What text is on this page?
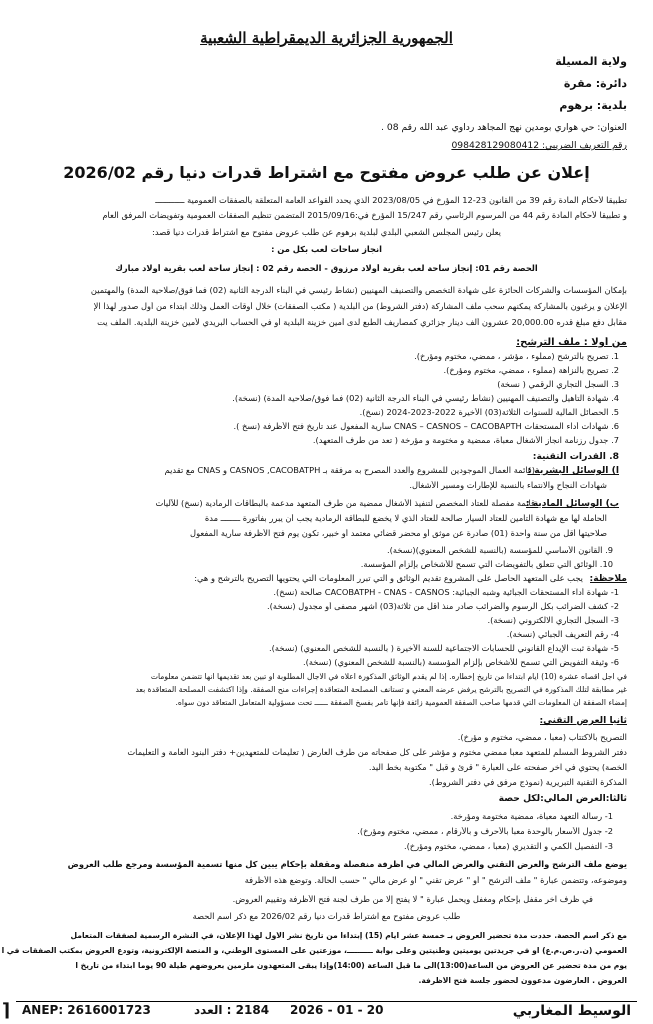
الجمهورية الجزائرية الديمقراطية الشعبية
ولاية المسيلة
دائرة: مقرة
بلدية: برهوم
العنوان: حي هواري بومدين نهج المجاهد رداوي عبد الله رقم 08 .
رقم التعريف الضريبي: 098428129080412
إعلان عن طلب عروض مفتوح مع اشتراط قدرات دنيا رقم 2026/02
تطبيقا لأحكام المادة رقم 39 من القانون 23-12 المؤرخ في 2023/08/05 الذي يحدد القواعد العامة المتعلقة بالصفقات العمومية ــــــــــــ
و تطبيقا لأحكام المادة رقم 44 من المرسوم الرئاسي رقم 15/247 المؤرخ في:2015/09/16 المتضمن تنظيم الصفقات العمومية وتفويضات المرفق العام
يعلن رئيس المجلس الشعبي البلدي لبلدية برهوم عن طلب عروض مفتوح مع اشتراط قدرات دنيا قصد:
انجاز ساحات لعب بكل من :
الحصة رقم 01: إنجاز ساحة لعب بقرية أولاد مرزوق - الحصة رقم 02 : إنجاز ساحة لعب بقرية أولاد مبارك
بإمكان المؤسسات والشركات الحائزة على شهادة التخصص والتصنيف المهنيين (نشاط رئيسي في البناء الدرجة الثانية (02) فما فوق/صلاحية المدة) والمهتمين
الإعلان و يرغبون بالمشاركة يمكنهم سحب ملف المشاركة (دفتر الشروط) من البلدية ( مكتب الصفقات) خلال أوقات العمل وذلك ابتداء من أول صدور لهذا الإ
مقابل دفع مبلغ قدره 20,000.00 عشرون ألف دينار جزائري كمصاريف الطبع لدى أمين خزينة البلدية أو في الحساب البريدي لأمين خزينة البلدية. الملف يت
من أولا : ملف الترشح:
1. تصريح بالترشح (مملوء ، مؤشر ، ممضي، مختوم ومؤرخ).
2. تصريح بالنزاهة (مملوء ، ممضي، مختوم ومؤرخ).
3. السجل التجاري الرقمي ( نسخة)
4. شهادة التأهيل والتصنيف المهنيين (نشاط رئيسي في البناء الدرجة الثانية (02) فما فوق/صلاحية المدة) (نسخة).
5. الحصائل المالية للسنوات الثلاثة(03) الأخيرة 2022-2023-2024 (نسخ).
6. شهادات أداء المستحقات CNAS – CASNOS – CACOBAPTH سارية المفعول عند تاريخ فتح الأظرفة (نسخ ).
7. جدول رزنامة انجاز الأشغال معبأة، ممضية و مختومة و مؤرخة ( تعد من طرف المتعهد).
8. القدرات التقنية:
أ) الوسائل البشرية :
(قائمة العمال الموجودين للمشروع والعدد المصرح به مرفقة بـ CASNOS ,CACOBATPH و CNAS مع تقديم
شهادات النجاح والانتماء بالنسبة للإطارات ومسير الأشغال.
ب) الوسائل المادية :
قائمة مفصلة للعتاد المخصص لتنفيذ الأشغال ممضية من طرف المتعهد مدعمة بالبطاقات الرمادية (نسخ) للآليات
الحاملة لها مع شهادة التأمين للعتاد السيار صالحة للعتاد الذي لا يخضع للبطاقة الرمادية يجب أن يبرر بفاتورة ــــــــ مدة
صلاحيتها أقل من سنة واحدة (01) صادرة عن موثق أو محضر قضائي معتمد أو خبير، تكون يوم فتح الأظرفة سارية المفعول
9. القانون الأساسي للمؤسسة (بالنسبة للشخص المعنوي)(نسخة).
10. الوثائق التي تتعلق بالتفويضات التي تسمح للأشخاص بإلزام المؤسسة.
ملاحظة:
يجب على المتعهد الحاصل على المشروع تقديم الوثائق و التي تبرر المعلومات التي يحتويها التصريح بالترشح و هي:
1- شهادة أداء المستحقات الجبائية وشبه الجبائية: CACOBATPH - CNAS - CASNOS صالحة (نسخ).
2- كشف الضرائب بكل الرسوم والضرائب صادر منذ أقل من ثلاثة(03) أشهر مصفى أو مجدول (نسخة).
3- السجل التجاري الالكتروني (نسخة).
4- رقم التعريف الجبائي (نسخة).
5- شهادة ثبت الإيداع القانوني للحسابات الاجتماعية للسنة الأخيرة ( بالنسبة للشخص المعنوي) (نسخة).
6- وثيقة التفويض التي تسمح للأشخاص بإلزام المؤسسة (بالنسبة للشخص المعنوي) (نسخة).
في أجل أقصاه عشرة (10) أيام ابتداءا من تاريخ إخطاره. إذا لم يقدم الوثائق المذكورة أعلاه في الأجال المطلوبة أو تبين بعد تقديمها أنها تتضمن معلومات
غير مطابقة لتلك المذكورة في التصريح بالترشح يرفض عرضه المعني و تستأنف المصلحة المتعاقدة إجراءات منح الصفقة. وإذا اكتشفت المصلحة المتعاقدة بعد
إمضاء الصفقة أن المعلومات التي قدمها صاحب الصفقة العمومية زائفة فإنها تأمر بفسخ الصفقة ــــــ تحت مسؤولية المتعامل المتعاقد دون سواه.
ثانيا العرض التقني:
التصريح بالاكتتاب (معبأ ، ممضي، مختوم و مؤرخ).
دفتر الشروط المسلم للمتعهد معبأ ممضي مختوم و مؤشر على كل صفحاته من طرف العارض ( تعليمات للمتعهدين+ دفتر البنود العامة و التعليمات
الخصة) يحتوي في آخر صفحته على العبارة " قرئ و قبل " مكتوبة بخط اليد.
المذكرة التقنية التبريرية (نموذج مرفق في دفتر الشروط).
ثالثا:العرض المالي:لكل حصة
1- رسالة التعهد معبأة، ممضية مختومة ومؤرخة.
2- جدول الأسعار بالوحدة معبأ بالأحرف و بالأرقام ، ممضي، مختوم ومؤرخ).
3- التفصيل الكمي و التقديري (معبأ ، ممضي، مختوم ومؤرخ).
يوضع ملف الترشح والعرض التقني والعرض المالي في أظرفة منفصلة ومقفلة بإحكام يبين كل منها تسمية المؤسسة ومرجع طلب العروض
وموضوعه، وتتضمن عبارة " ملف الترشح " أو " عرض تقني " أو عرض مالي " حسب الحالة. وتوضع هذه الأظرفة
في ظرف آخر مقفل بإحكام ومغفل ويحمل عبارة " لا يفتح إلا من طرف لجنة فتح الأظرفة وتقييم العروض.
طلب عروض مفتوح مع اشتراط قدرات دنيا رقم 2026/02 مع ذكر اسم الحصة
مع ذكر اسم الحصة. حددت مدة تحضير العروض بـ خمسة عشر أيام (15) إبتداءا من تاريخ نشر الأول لهذا الإعلان، في النشرة الرسمية لصفقات المتعامل
العمومي (ن.ر.ص.م.ع) أو في جريدتين يوميتين وطنيتين وعلى بوابة ــــــــــ، موزعتين على المستوى الوطني، و المنصة الإلكترونية، وتودع العروض بمكتب الصفقات في آ
يوم من مدة تحضير عن العروض من الساعة(13:00)الى ما قبل الساعة (14:00)وإذا يبقى المتعهدون ملزمين بعروضهم طيلة 90 يوما ابتداء من تاريخ ا
العروض . العارضون مدعوون لحضور جلسة فتح الأظرفة.
⌈ ANEP: 2616001723	2184 : العدد 2026 - 01 - 20	الوسيط المغاربي
